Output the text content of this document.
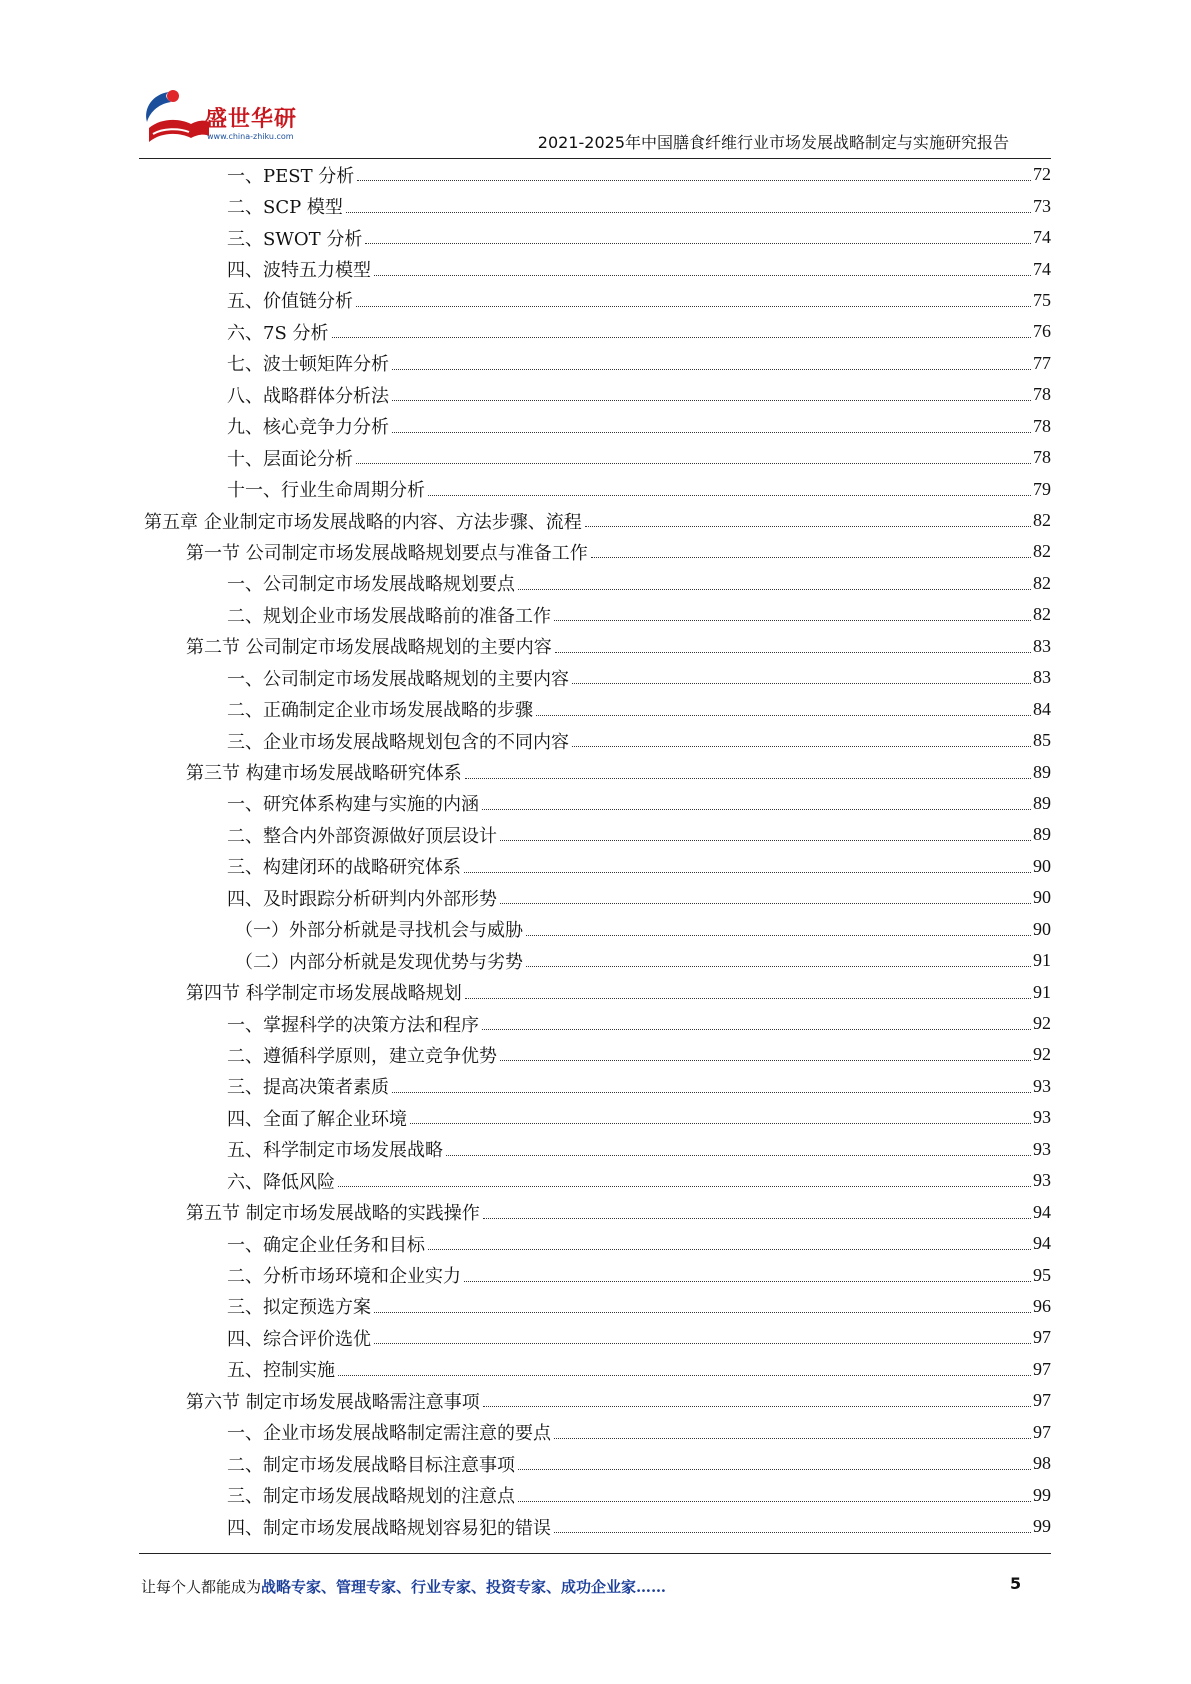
盛世华研
www.china-zhiku.com	2021-2025年中国膳食纤维行业市场发展战略制定与实施研究报告
一、PEST 分析	72
二、SCP 模型	73
三、SWOT 分析	74
四、波特五力模型	74
五、价值链分析	75
六、7S 分析	76
七、波士顿矩阵分析	77
八、战略群体分析法	78
九、核心竞争力分析	78
十、层面论分析	78
十一、行业生命周期分析	79
第五章 企业制定市场发展战略的内容、方法步骤、流程	82
第一节 公司制定市场发展战略规划要点与准备工作	82
一、公司制定市场发展战略规划要点	82
二、规划企业市场发展战略前的准备工作	82
第二节 公司制定市场发展战略规划的主要内容	83
一、公司制定市场发展战略规划的主要内容	83
二、正确制定企业市场发展战略的步骤	84
三、企业市场发展战略规划包含的不同内容	85
第三节 构建市场发展战略研究体系	89
一、研究体系构建与实施的内涵	89
二、整合内外部资源做好顶层设计	89
三、构建闭环的战略研究体系	90
四、及时跟踪分析研判内外部形势	90
（一）外部分析就是寻找机会与威胁	90
（二）内部分析就是发现优势与劣势	91
第四节 科学制定市场发展战略规划	91
一、掌握科学的决策方法和程序	92
二、遵循科学原则，建立竞争优势	92
三、提高决策者素质	93
四、全面了解企业环境	93
五、科学制定市场发展战略	93
六、降低风险	93
第五节 制定市场发展战略的实践操作	94
一、确定企业任务和目标	94
二、分析市场环境和企业实力	95
三、拟定预选方案	96
四、综合评价选优	97
五、控制实施	97
第六节 制定市场发展战略需注意事项	97
一、企业市场发展战略制定需注意的要点	97
二、制定市场发展战略目标注意事项	98
三、制定市场发展战略规划的注意点	99
四、制定市场发展战略规划容易犯的错误	99
让每个人都能成为战略专家、管理专家、行业专家、投资专家、成功企业家……	5
